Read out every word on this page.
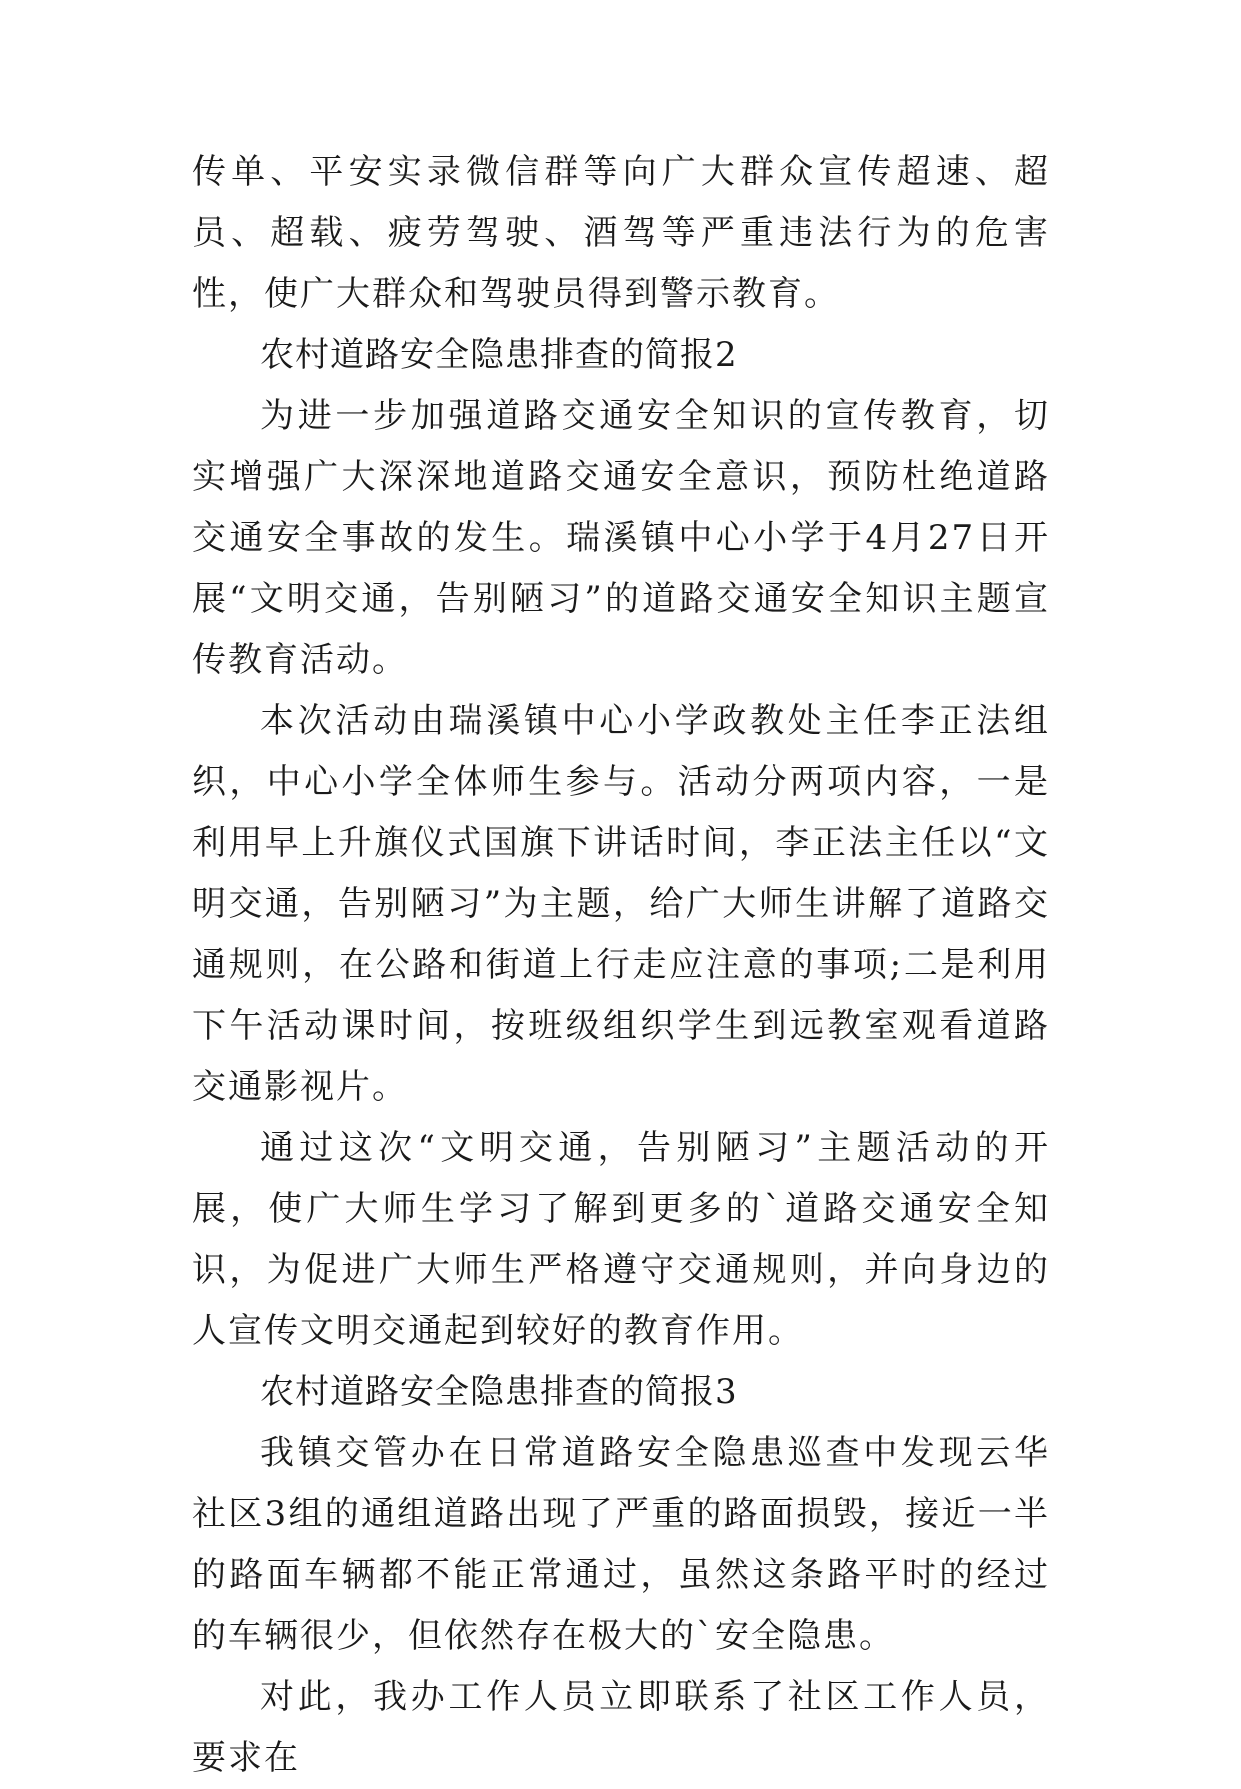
传单、平安实录微信群等向广大群众宣传超速、超员、超载、疲劳驾驶、酒驾等严重违法行为的危害性，使广大群众和驾驶员得到警示教育。

农村道路安全隐患排查的简报2

为进一步加强道路交通安全知识的宣传教育，切实增强广大深深地道路交通安全意识，预防杜绝道路交通安全事故的发生。瑞溪镇中心小学于4月27日开展“文明交通，告别陋习”的道路交通安全知识主题宣传教育活动。

本次活动由瑞溪镇中心小学政教处主任李正法组织，中心小学全体师生参与。活动分两项内容，一是利用早上升旗仪式国旗下讲话时间，李正法主任以“文明交通，告别陋习”为主题，给广大师生讲解了道路交通规则，在公路和街道上行走应注意的事项;二是利用下午活动课时间，按班级组织学生到远教室观看道路交通影视片。

通过这次“文明交通，告别陋习”主题活动的开展，使广大师生学习了解到更多的`道路交通安全知识，为促进广大师生严格遵守交通规则，并向身边的人宣传文明交通起到较好的教育作用。

农村道路安全隐患排查的简报3

我镇交管办在日常道路安全隐患巡查中发现云华社区3组的通组道路出现了严重的路面损毁，接近一半的路面车辆都不能正常通过，虽然这条路平时的经过的车辆很少，但依然存在极大的`安全隐患。

对此，我办工作人员立即联系了社区工作人员，要求在
